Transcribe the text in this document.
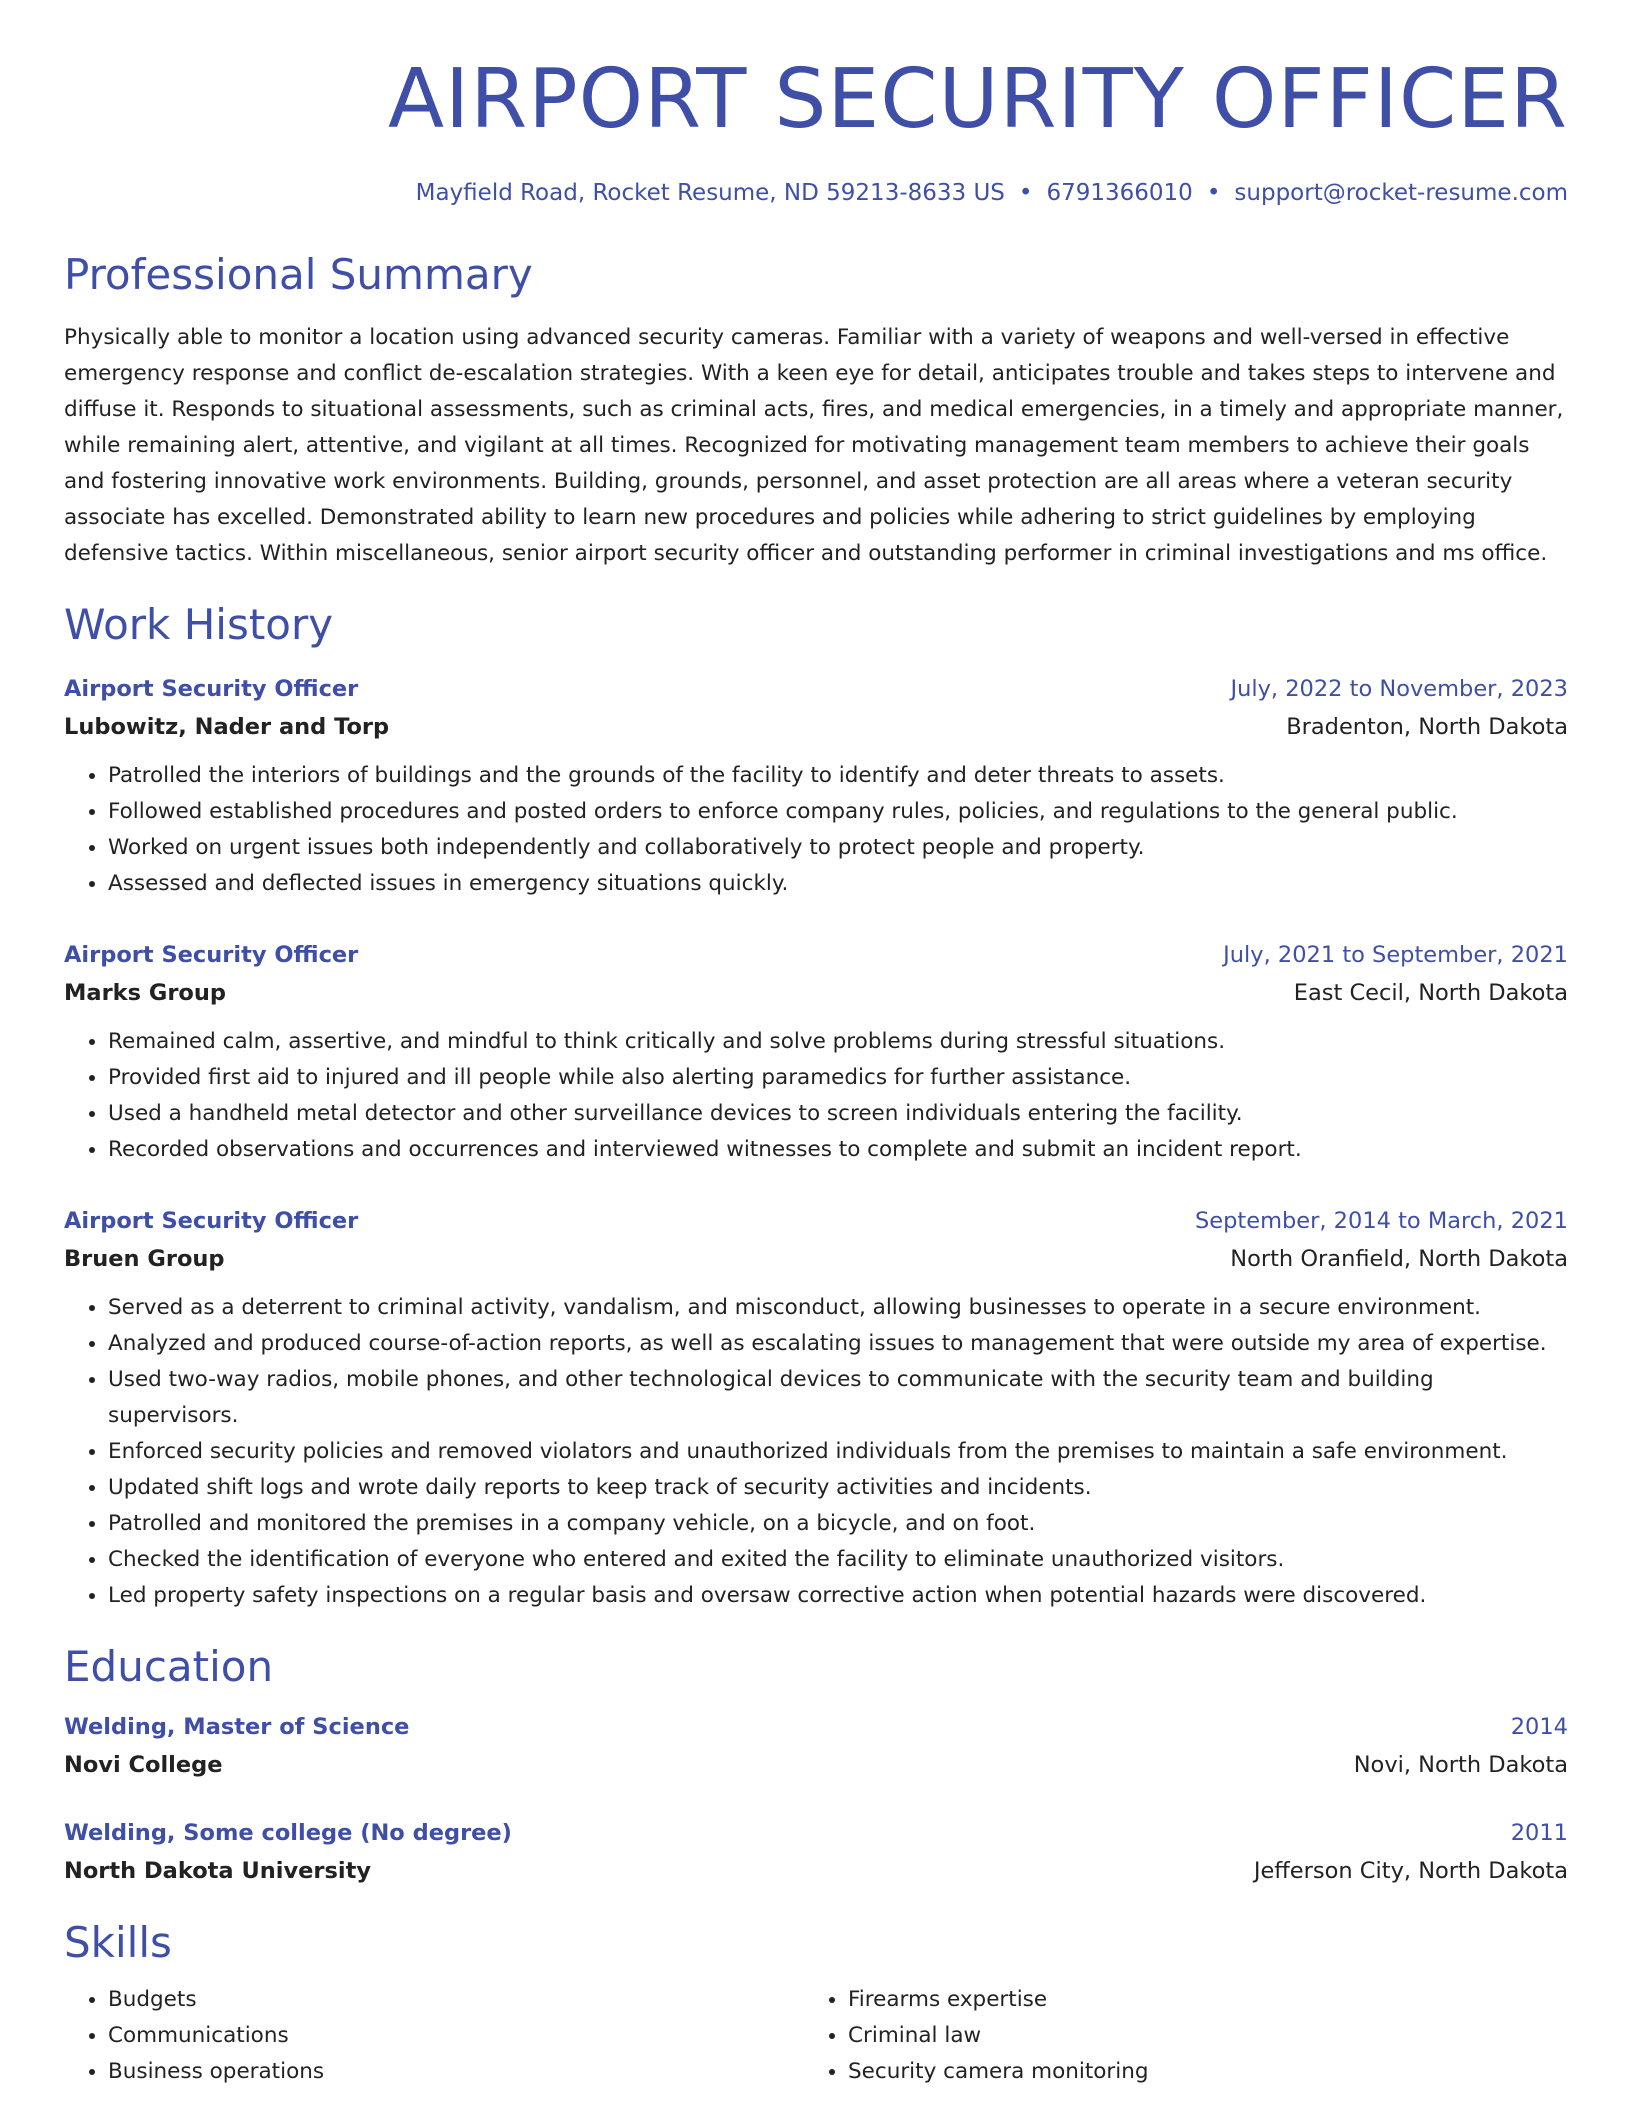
AIRPORT SECURITY OFFICER
Mayfield Road, Rocket Resume, ND 59213-8633 US • 6791366010 • support@rocket-resume.com
Professional Summary
Physically able to monitor a location using advanced security cameras. Familiar with a variety of weapons and well-versed in effective emergency response and conflict de-escalation strategies. With a keen eye for detail, anticipates trouble and takes steps to intervene and diffuse it. Responds to situational assessments, such as criminal acts, fires, and medical emergencies, in a timely and appropriate manner, while remaining alert, attentive, and vigilant at all times. Recognized for motivating management team members to achieve their goals and fostering innovative work environments. Building, grounds, personnel, and asset protection are all areas where a veteran security associate has excelled. Demonstrated ability to learn new procedures and policies while adhering to strict guidelines by employing defensive tactics. Within miscellaneous, senior airport security officer and outstanding performer in criminal investigations and ms office.
Work History
Airport Security Officer	July, 2022 to November, 2023
Lubowitz, Nader and Torp	Bradenton, North Dakota
• Patrolled the interiors of buildings and the grounds of the facility to identify and deter threats to assets.
• Followed established procedures and posted orders to enforce company rules, policies, and regulations to the general public.
• Worked on urgent issues both independently and collaboratively to protect people and property.
• Assessed and deflected issues in emergency situations quickly.
Airport Security Officer	July, 2021 to September, 2021
Marks Group	East Cecil, North Dakota
• Remained calm, assertive, and mindful to think critically and solve problems during stressful situations.
• Provided first aid to injured and ill people while also alerting paramedics for further assistance.
• Used a handheld metal detector and other surveillance devices to screen individuals entering the facility.
• Recorded observations and occurrences and interviewed witnesses to complete and submit an incident report.
Airport Security Officer	September, 2014 to March, 2021
Bruen Group	North Oranfield, North Dakota
• Served as a deterrent to criminal activity, vandalism, and misconduct, allowing businesses to operate in a secure environment.
• Analyzed and produced course-of-action reports, as well as escalating issues to management that were outside my area of expertise.
• Used two-way radios, mobile phones, and other technological devices to communicate with the security team and building supervisors.
• Enforced security policies and removed violators and unauthorized individuals from the premises to maintain a safe environment.
• Updated shift logs and wrote daily reports to keep track of security activities and incidents.
• Patrolled and monitored the premises in a company vehicle, on a bicycle, and on foot.
• Checked the identification of everyone who entered and exited the facility to eliminate unauthorized visitors.
• Led property safety inspections on a regular basis and oversaw corrective action when potential hazards were discovered.
Education
Welding, Master of Science	2014
Novi College	Novi, North Dakota
Welding, Some college (No degree)	2011
North Dakota University	Jefferson City, North Dakota
Skills
• Budgets
• Communications
• Business operations
• Firearms expertise
• Criminal law
• Security camera monitoring
